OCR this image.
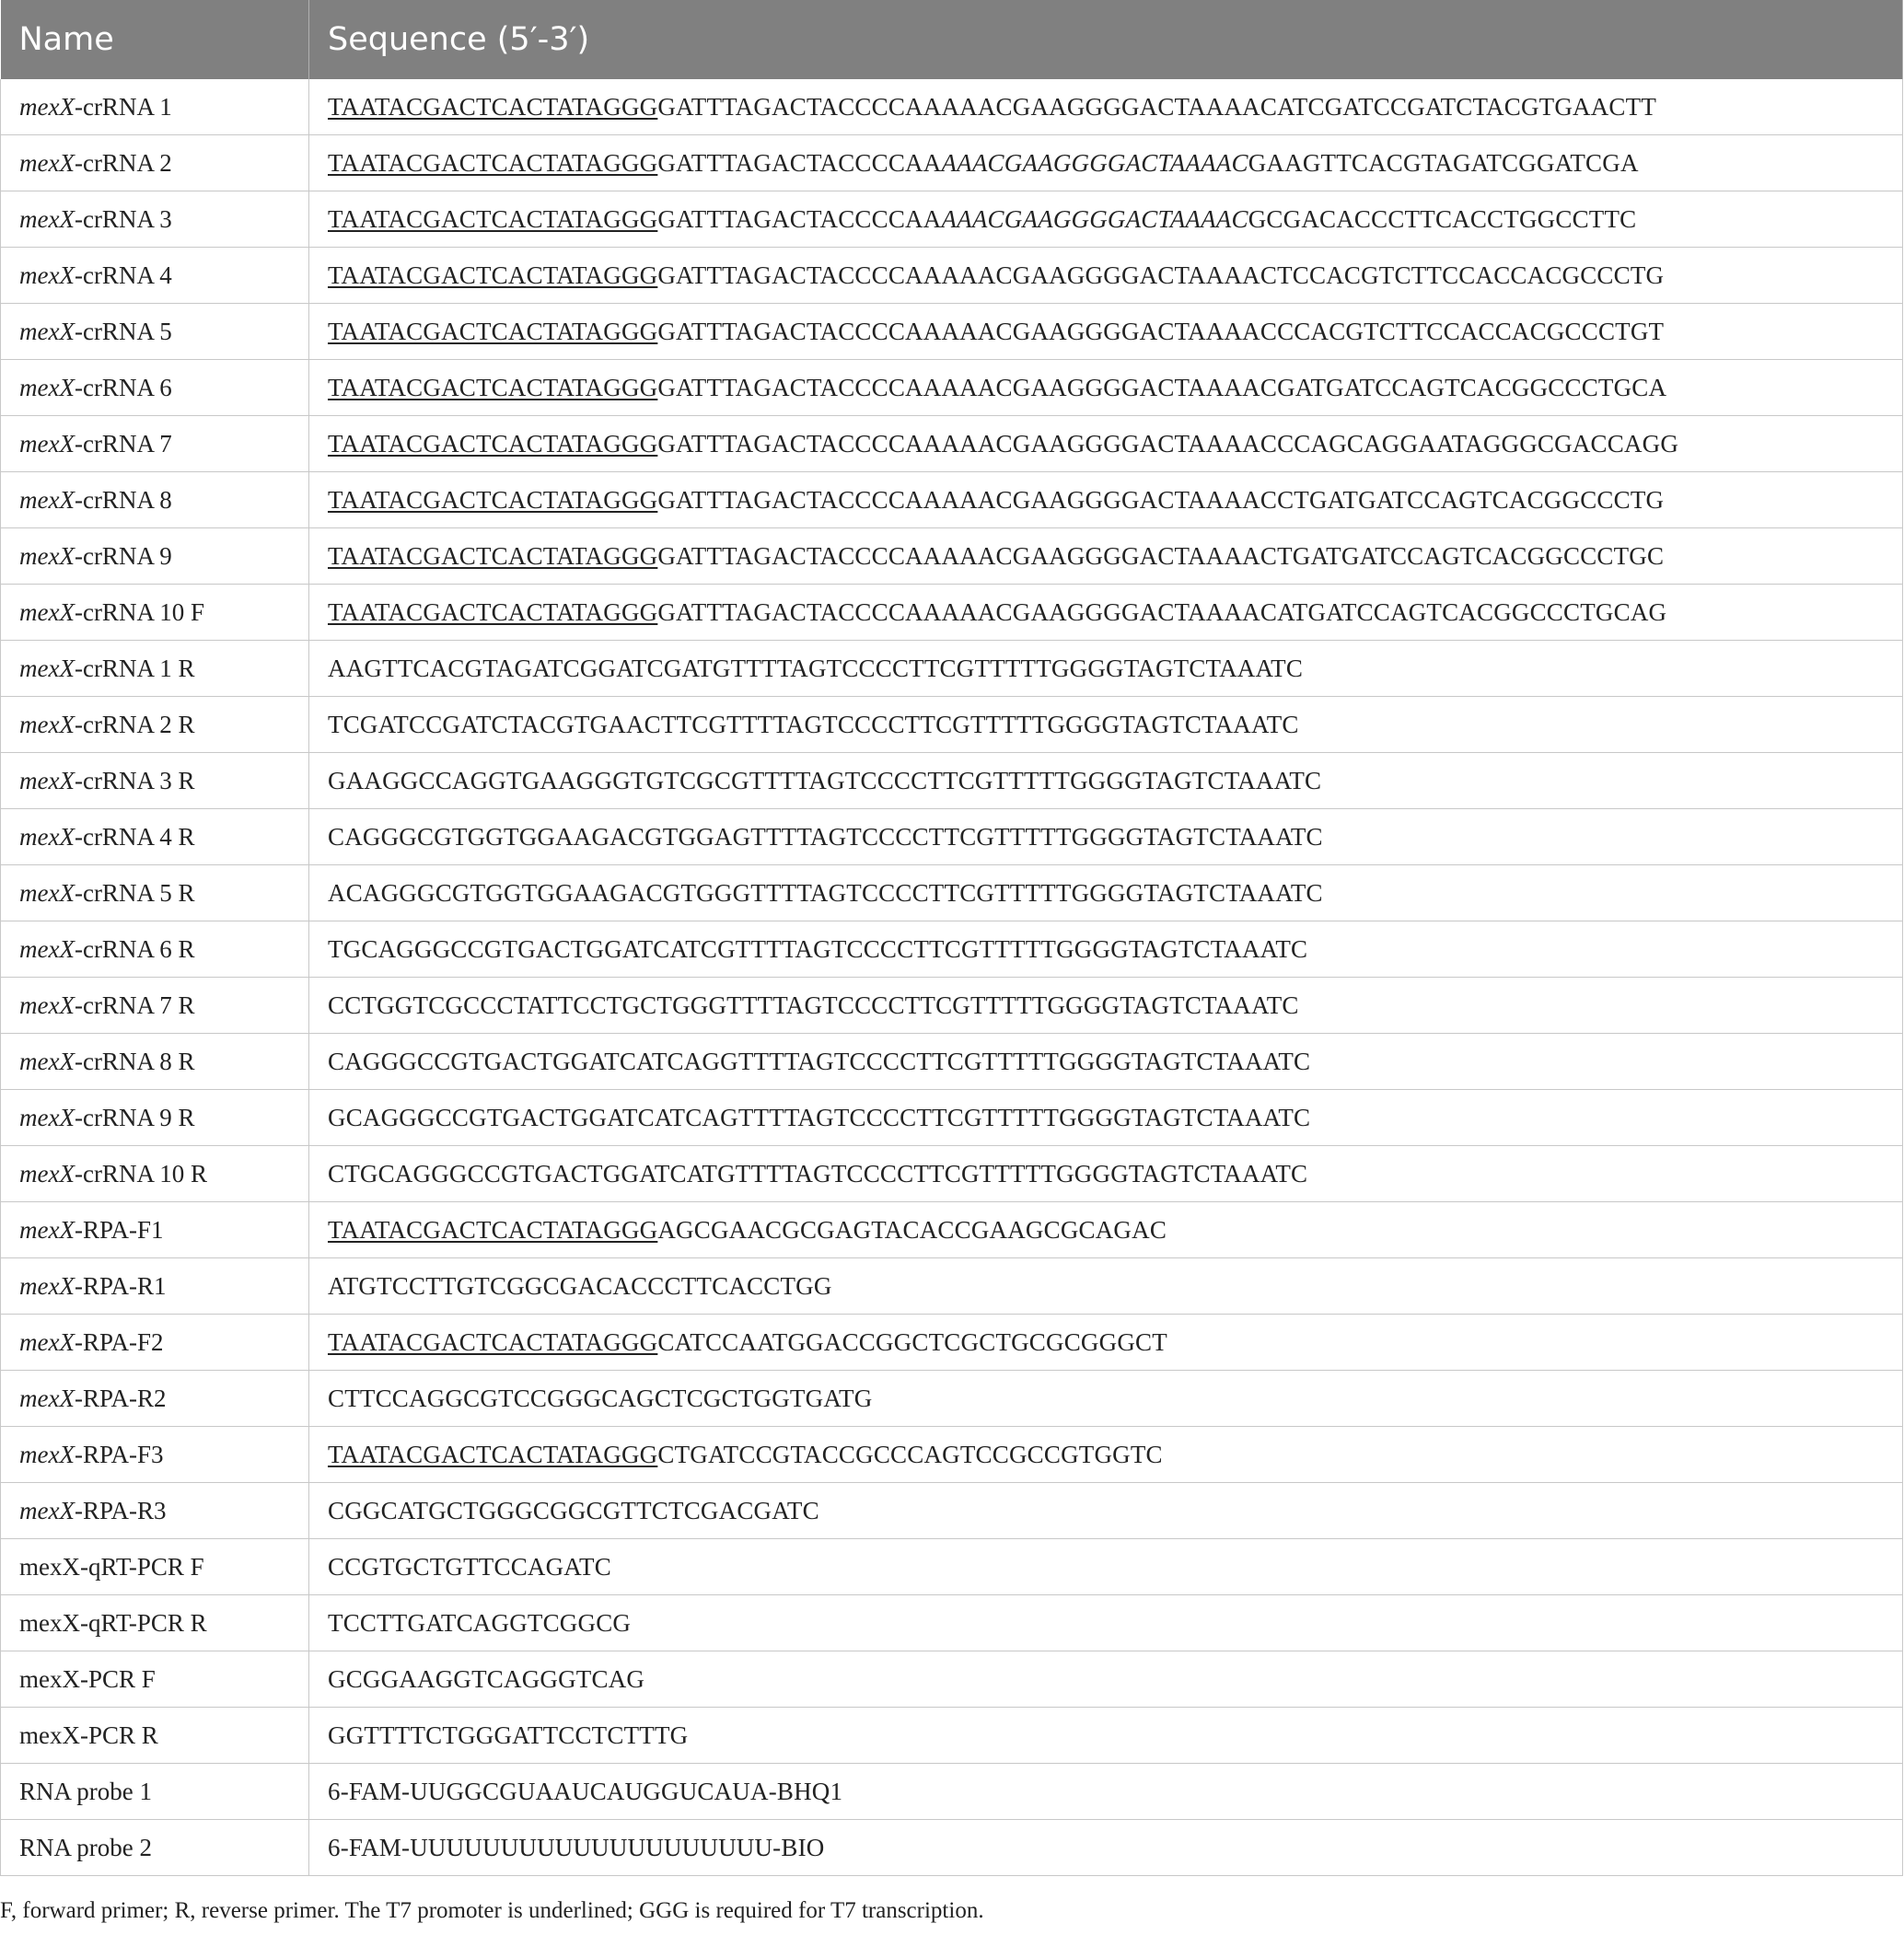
Name	Sequence (5′-3′)
mexX-crRNA 1	TAATACGACTCACTATAGGGGATTTAGACTACCCCAAAAACGAAGGGGACTAAAACATCGATCCGATCTACGTGAACTT
mexX-crRNA 2	TAATACGACTCACTATAGGGGATTTAGACTACCCCAAAAACGAAGGGGACTAAAACGAAGTTCACGTAGATCGGATCGA
mexX-crRNA 3	TAATACGACTCACTATAGGGGATTTAGACTACCCCAAAAACGAAGGGGACTAAAACGCGACACCCTTCACCTGGCCTTC
mexX-crRNA 4	TAATACGACTCACTATAGGGGATTTAGACTACCCCAAAAACGAAGGGGACTAAAACTCCACGTCTTCCACCACGCCCTG
mexX-crRNA 5	TAATACGACTCACTATAGGGGATTTAGACTACCCCAAAAACGAAGGGGACTAAAACCCACGTCTTCCACCACGCCCTGT
mexX-crRNA 6	TAATACGACTCACTATAGGGGATTTAGACTACCCCAAAAACGAAGGGGACTAAAACGATGATCCAGTCACGGCCCTGCA
mexX-crRNA 7	TAATACGACTCACTATAGGGGATTTAGACTACCCCAAAAACGAAGGGGACTAAAACCCAGCAGGAATAGGGCGACCAGG
mexX-crRNA 8	TAATACGACTCACTATAGGGGATTTAGACTACCCCAAAAACGAAGGGGACTAAAACCTGATGATCCAGTCACGGCCCTG
mexX-crRNA 9	TAATACGACTCACTATAGGGGATTTAGACTACCCCAAAAACGAAGGGGACTAAAACTGATGATCCAGTCACGGCCCTGC
mexX-crRNA 10 F	TAATACGACTCACTATAGGGGATTTAGACTACCCCAAAAACGAAGGGGACTAAAACATGATCCAGTCACGGCCCTGCAG
mexX-crRNA 1 R	AAGTTCACGTAGATCGGATCGATGTTTTAGTCCCCTTCGTTTTTGGGGTAGTCTAAATC
mexX-crRNA 2 R	TCGATCCGATCTACGTGAACTTCGTTTTAGTCCCCTTCGTTTTTGGGGTAGTCTAAATC
mexX-crRNA 3 R	GAAGGCCAGGTGAAGGGTGTCGCGTTTTAGTCCCCTTCGTTTTTGGGGTAGTCTAAATC
mexX-crRNA 4 R	CAGGGCGTGGTGGAAGACGTGGAGTTTTAGTCCCCTTCGTTTTTGGGGTAGTCTAAATC
mexX-crRNA 5 R	ACAGGGCGTGGTGGAAGACGTGGGTTTTAGTCCCCTTCGTTTTTGGGGTAGTCTAAATC
mexX-crRNA 6 R	TGCAGGGCCGTGACTGGATCATCGTTTTAGTCCCCTTCGTTTTTGGGGTAGTCTAAATC
mexX-crRNA 7 R	CCTGGTCGCCCTATTCCTGCTGGGTTTTAGTCCCCTTCGTTTTTGGGGTAGTCTAAATC
mexX-crRNA 8 R	CAGGGCCGTGACTGGATCATCAGGTTTTAGTCCCCTTCGTTTTTGGGGTAGTCTAAATC
mexX-crRNA 9 R	GCAGGGCCGTGACTGGATCATCAGTTTTAGTCCCCTTCGTTTTTGGGGTAGTCTAAATC
mexX-crRNA 10 R	CTGCAGGGCCGTGACTGGATCATGTTTTAGTCCCCTTCGTTTTTGGGGTAGTCTAAATC
mexX-RPA-F1	TAATACGACTCACTATAGGGAGCGAACGCGAGTACACCGAAGCGCAGAC
mexX-RPA-R1	ATGTCCTTGTCGGCGACACCCTTCACCTGG
mexX-RPA-F2	TAATACGACTCACTATAGGGCATCCAATGGACCGGCTCGCTGCGCGGGCT
mexX-RPA-R2	CTTCCAGGCGTCCGGGCAGCTCGCTGGTGATG
mexX-RPA-F3	TAATACGACTCACTATAGGGCTGATCCGTACCGCCCAGTCCGCCGTGGTC
mexX-RPA-R3	CGGCATGCTGGGCGGCGTTCTCGACGATC
mexX-qRT-PCR F	CCGTGCTGTTCCAGATC
mexX-qRT-PCR R	TCCTTGATCAGGTCGGCG
mexX-PCR F	GCGGAAGGTCAGGGTCAG
mexX-PCR R	GGTTTTCTGGGATTCCTCTTTG
RNA probe 1	6-FAM-UUGGCGUAAUCAUGGUCAUA-BHQ1
RNA probe 2	6-FAM-UUUUUUUUUUUUUUUUUUUU-BIO
F, forward primer; R, reverse primer. The T7 promoter is underlined; GGG is required for T7 transcription.
